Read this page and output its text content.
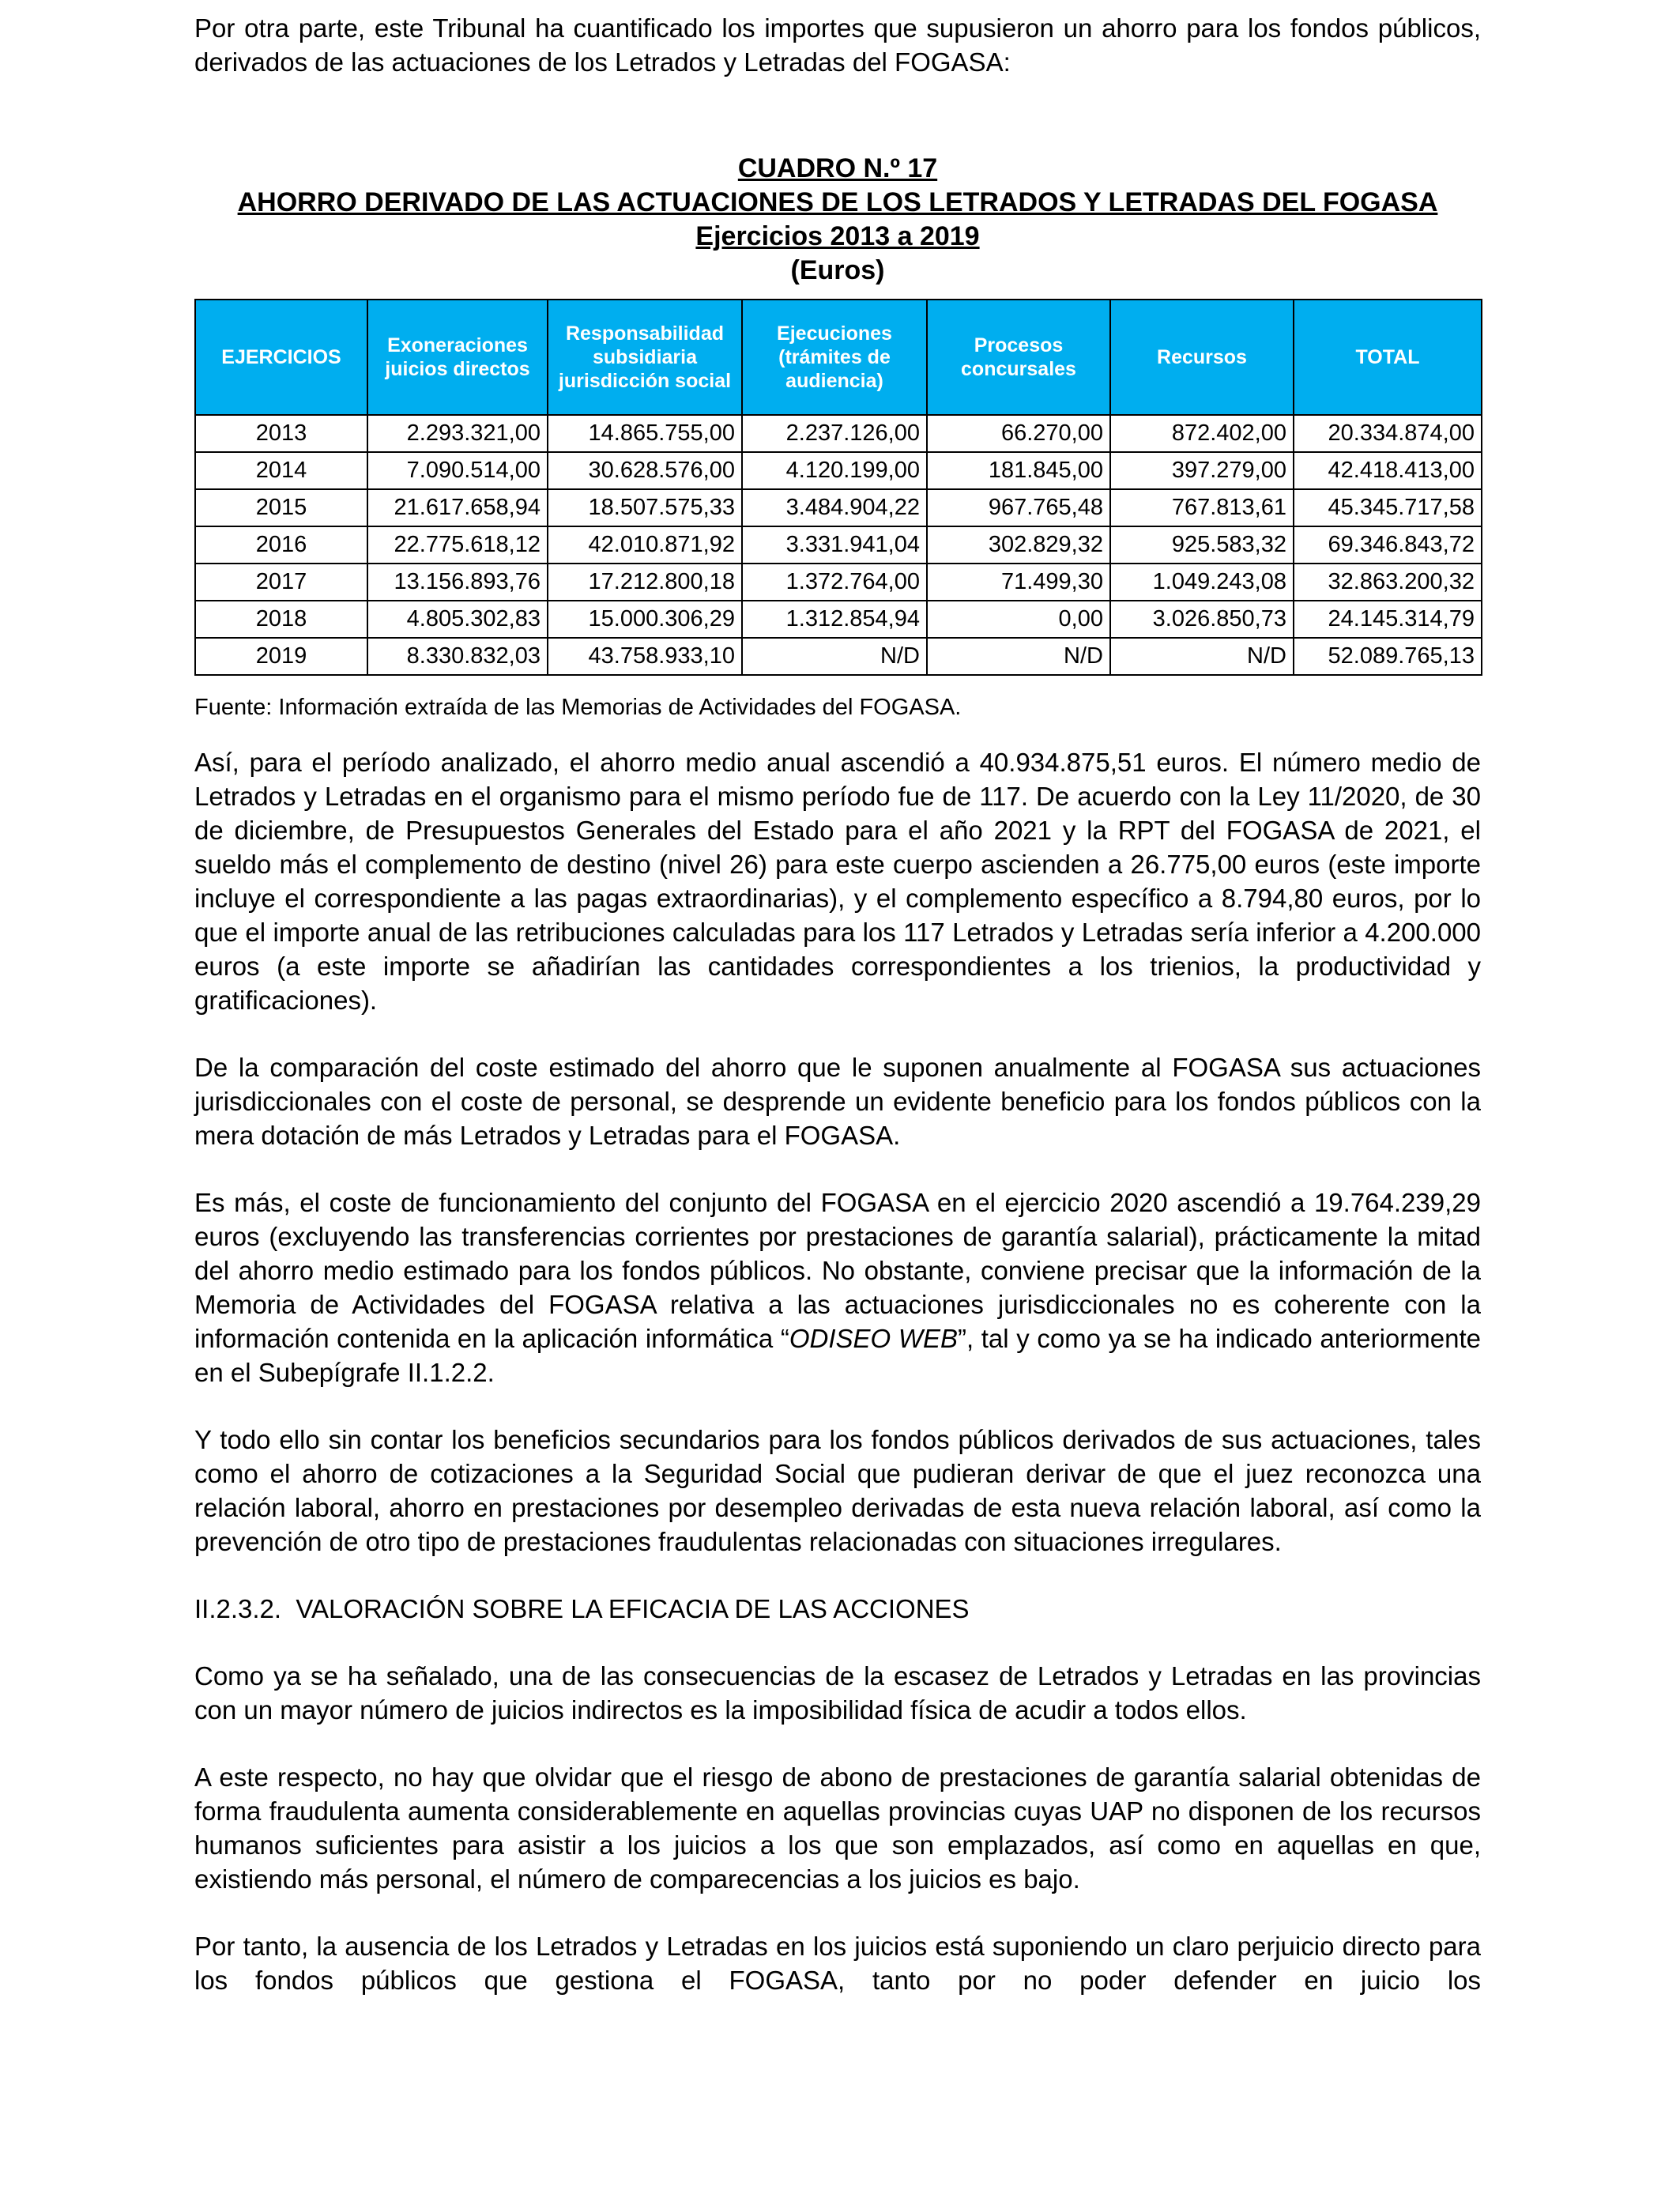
Por otra parte, este Tribunal ha cuantificado los importes que supusieron un ahorro para los fondos públicos, derivados de las actuaciones de los Letrados y Letradas del FOGASA:

CUADRO N.º 17
AHORRO DERIVADO DE LAS ACTUACIONES DE LOS LETRADOS Y LETRADAS DEL FOGASA
Ejercicios 2013 a 2019
(Euros)
EJERCICIOS	Exoneraciones juicios directos	Responsabilidad subsidiaria jurisdicción social	Ejecuciones (trámites de audiencia)	Procesos concursales	Recursos	TOTAL
2013	2.293.321,00	14.865.755,00	2.237.126,00	66.270,00	872.402,00	20.334.874,00
2014	7.090.514,00	30.628.576,00	4.120.199,00	181.845,00	397.279,00	42.418.413,00
2015	21.617.658,94	18.507.575,33	3.484.904,22	967.765,48	767.813,61	45.345.717,58
2016	22.775.618,12	42.010.871,92	3.331.941,04	302.829,32	925.583,32	69.346.843,72
2017	13.156.893,76	17.212.800,18	1.372.764,00	71.499,30	1.049.243,08	32.863.200,32
2018	4.805.302,83	15.000.306,29	1.312.854,94	0,00	3.026.850,73	24.145.314,79
2019	8.330.832,03	43.758.933,10	N/D	N/D	N/D	52.089.765,13

Fuente: Información extraída de las Memorias de Actividades del FOGASA.

Así, para el período analizado, el ahorro medio anual ascendió a 40.934.875,51 euros. El número medio de Letrados y Letradas en el organismo para el mismo período fue de 117. De acuerdo con la Ley 11/2020, de 30 de diciembre, de Presupuestos Generales del Estado para el año 2021 y la RPT del FOGASA de 2021, el sueldo más el complemento de destino (nivel 26) para este cuerpo ascienden a 26.775,00 euros (este importe incluye el correspondiente a las pagas extraordinarias), y el complemento específico a 8.794,80 euros, por lo que el importe anual de las retribuciones calculadas para los 117 Letrados y Letradas sería inferior a 4.200.000 euros (a este importe se añadirían las cantidades correspondientes a los trienios, la productividad y gratificaciones).

De la comparación del coste estimado del ahorro que le suponen anualmente al FOGASA sus actuaciones jurisdiccionales con el coste de personal, se desprende un evidente beneficio para los fondos públicos con la mera dotación de más Letrados y Letradas para el FOGASA.

Es más, el coste de funcionamiento del conjunto del FOGASA en el ejercicio 2020 ascendió a 19.764.239,29 euros (excluyendo las transferencias corrientes por prestaciones de garantía salarial), prácticamente la mitad del ahorro medio estimado para los fondos públicos. No obstante, conviene precisar que la información de la Memoria de Actividades del FOGASA relativa a las actuaciones jurisdiccionales no es coherente con la información contenida en la aplicación informática “ODISEO WEB”, tal y como ya se ha indicado anteriormente en el Subepígrafe II.1.2.2.

Y todo ello sin contar los beneficios secundarios para los fondos públicos derivados de sus actuaciones, tales como el ahorro de cotizaciones a la Seguridad Social que pudieran derivar de que el juez reconozca una relación laboral, ahorro en prestaciones por desempleo derivadas de esta nueva relación laboral, así como la prevención de otro tipo de prestaciones fraudulentas relacionadas con situaciones irregulares.

II.2.3.2.  VALORACIÓN SOBRE LA EFICACIA DE LAS ACCIONES

Como ya se ha señalado, una de las consecuencias de la escasez de Letrados y Letradas en las provincias con un mayor número de juicios indirectos es la imposibilidad física de acudir a todos ellos.

A este respecto, no hay que olvidar que el riesgo de abono de prestaciones de garantía salarial obtenidas de forma fraudulenta aumenta considerablemente en aquellas provincias cuyas UAP no disponen de los recursos humanos suficientes para asistir a los juicios a los que son emplazados, así como en aquellas en que, existiendo más personal, el número de comparecencias a los juicios es bajo.

Por tanto, la ausencia de los Letrados y Letradas en los juicios está suponiendo un claro perjuicio directo para los fondos públicos que gestiona el FOGASA, tanto por no poder defender en juicio los
